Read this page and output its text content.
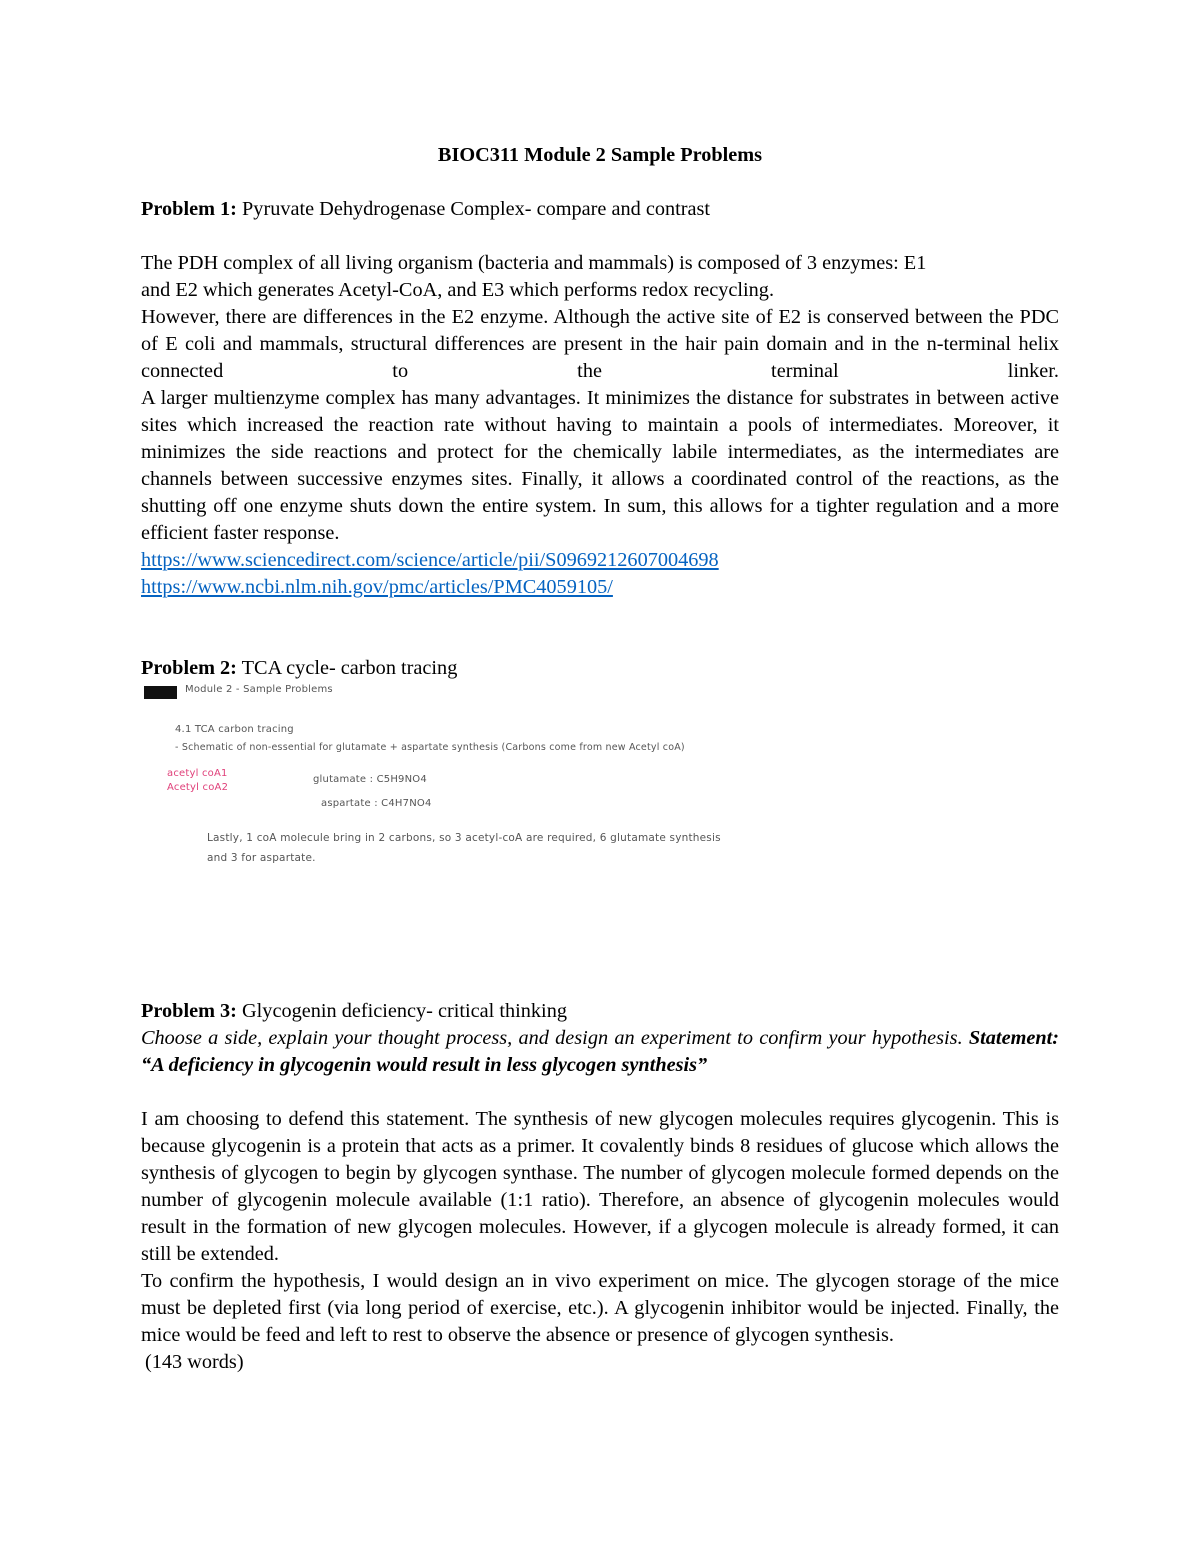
BIOC311 Module 2 Sample Problems

Problem 1: Pyruvate Dehydrogenase Complex- compare and contrast

The PDH complex of all living organism (bacteria and mammals) is composed of 3 enzymes: E1

and E2 which generates Acetyl-CoA, and E3 which performs redox recycling.

However, there are differences in the E2 enzyme. Although the active site of E2 is conserved between the PDC of E coli and mammals, structural differences are present in the hair pain domain and in the n-terminal helix connected to the terminal linker.

A larger multienzyme complex has many advantages. It minimizes the distance for substrates in between active sites which increased the reaction rate without having to maintain a pools of intermediates. Moreover, it minimizes the side reactions and protect for the chemically labile intermediates, as the intermediates are channels between successive enzymes sites. Finally, it allows a coordinated control of the reactions, as the shutting off one enzyme shuts down the entire system. In sum, this allows for a tighter regulation and a more efficient faster response.

https://www.sciencedirect.com/science/article/pii/S0969212607004698
https://www.ncbi.nlm.nih.gov/pmc/articles/PMC4059105/

Problem 2: TCA cycle- carbon tracing

Module 2 - Sample Problems
4.1 TCA carbon tracing
- Schematic of non-essential for glutamate + aspartate synthesis (Carbons come from new Acetyl coA)
acetyl coA1
Acetyl coA2
glutamate : C5H9NO4
aspartate : C4H7NO4
Lastly, 1 coA molecule bring in 2 carbons, so 3 acetyl-coA are required, 6 glutamate synthesis
and 3 for aspartate.

Problem 3: Glycogenin deficiency- critical thinking

Choose a side, explain your thought process, and design an experiment to confirm your hypothesis. Statement: “A deficiency in glycogenin would result in less glycogen synthesis”

I am choosing to defend this statement. The synthesis of new glycogen molecules requires glycogenin. This is because glycogenin is a protein that acts as a primer. It covalently binds 8 residues of glucose which allows the synthesis of glycogen to begin by glycogen synthase. The number of glycogen molecule formed depends on the number of glycogenin molecule available (1:1 ratio). Therefore, an absence of glycogenin molecules would result in the formation of new glycogen molecules. However, if a glycogen molecule is already formed, it can still be extended.

To confirm the hypothesis, I would design an in vivo experiment on mice. The glycogen storage of the mice must be depleted first (via long period of exercise, etc.). A glycogenin inhibitor would be injected. Finally, the mice would be feed and left to rest to observe the absence or presence of glycogen synthesis.

(143 words)
